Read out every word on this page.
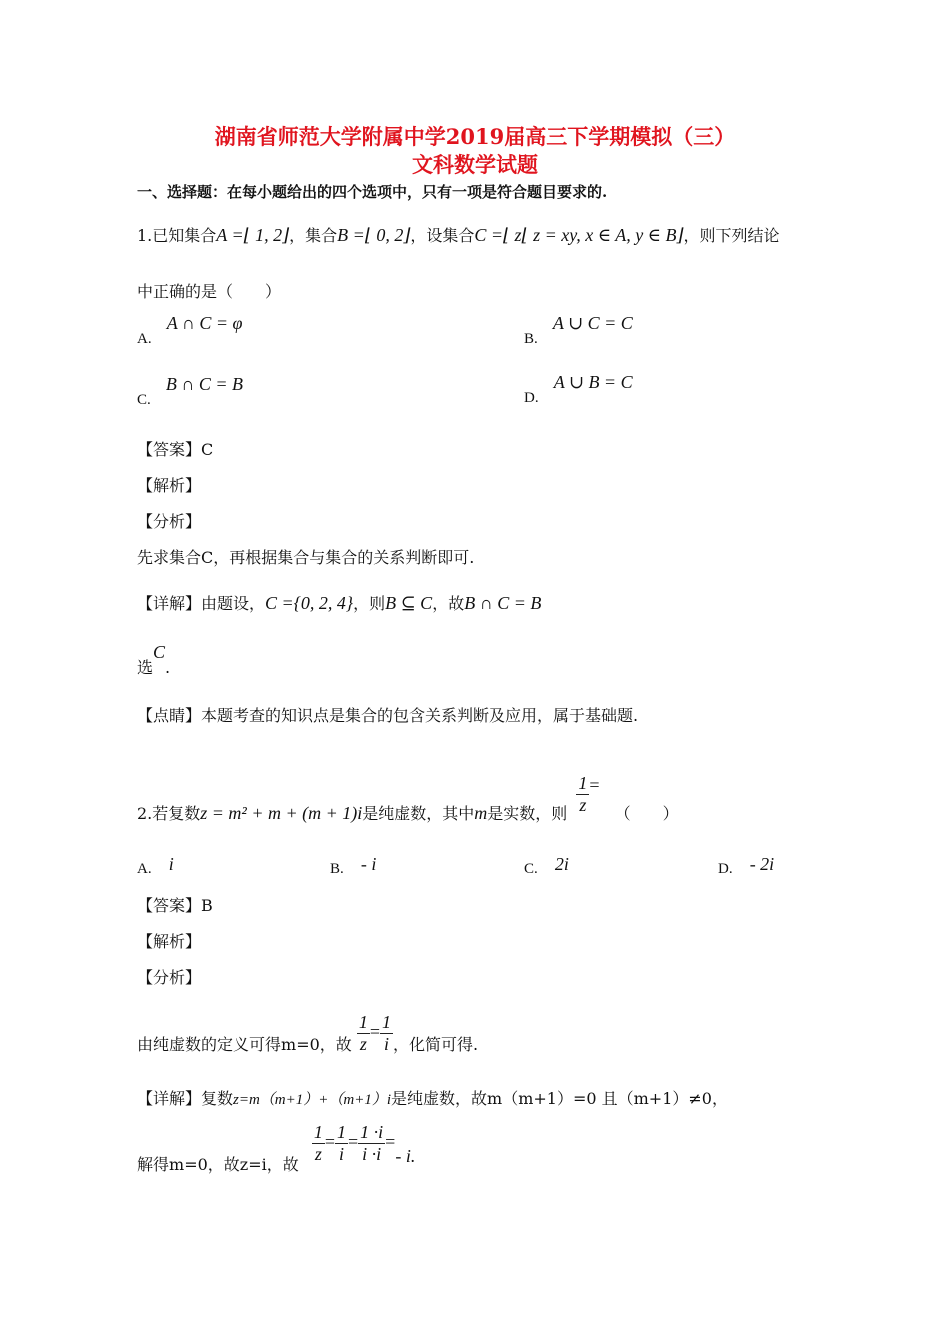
湖南省师范大学附属中学2019届高三下学期模拟（三）
文科数学试题
一、选择题：在每小题给出的四个选项中，只有一项是符合题目要求的.
1.已知集合A =⌊ 1, 2⌋，集合B =⌊ 0, 2⌋，设集合C =⌊ z⌊ z = xy, x ∈ A, y ∈ B⌋，则下列结论
中正确的是（　　）
A. A ∩ C = φ
B. A ∪ C = C
C. B ∩ C = B
D. A ∪ B = C
【答案】C
【解析】
【分析】
先求集合C，再根据集合与集合的关系判断即可.
【详解】由题设，C ={0, 2, 4}，则B ⊆ C，故B ∩ C = B
选C.
【点睛】本题考查的知识点是集合的包含关系判断及应用，属于基础题.
2.若复数z = m² + m + (m + 1)i是纯虚数，其中m是实数，则 $\frac{1}{z}$ = （　　）
A. i	B. - i	C. 2i	D. - 2i
【答案】B
【解析】
【分析】
由纯虚数的定义可得m=0，故 $\frac{1}{z} = \frac{1}{i}$ ，化简可得.
【详解】复数z=m（m+1）+（m+1）i是纯虚数，故m（m+1）=0 且（m+1）≠0，
解得m=0，故z=i，故 $\frac{1}{z} = \frac{1}{i} = \frac{1 \cdot i}{i \cdot i} =- i$.
